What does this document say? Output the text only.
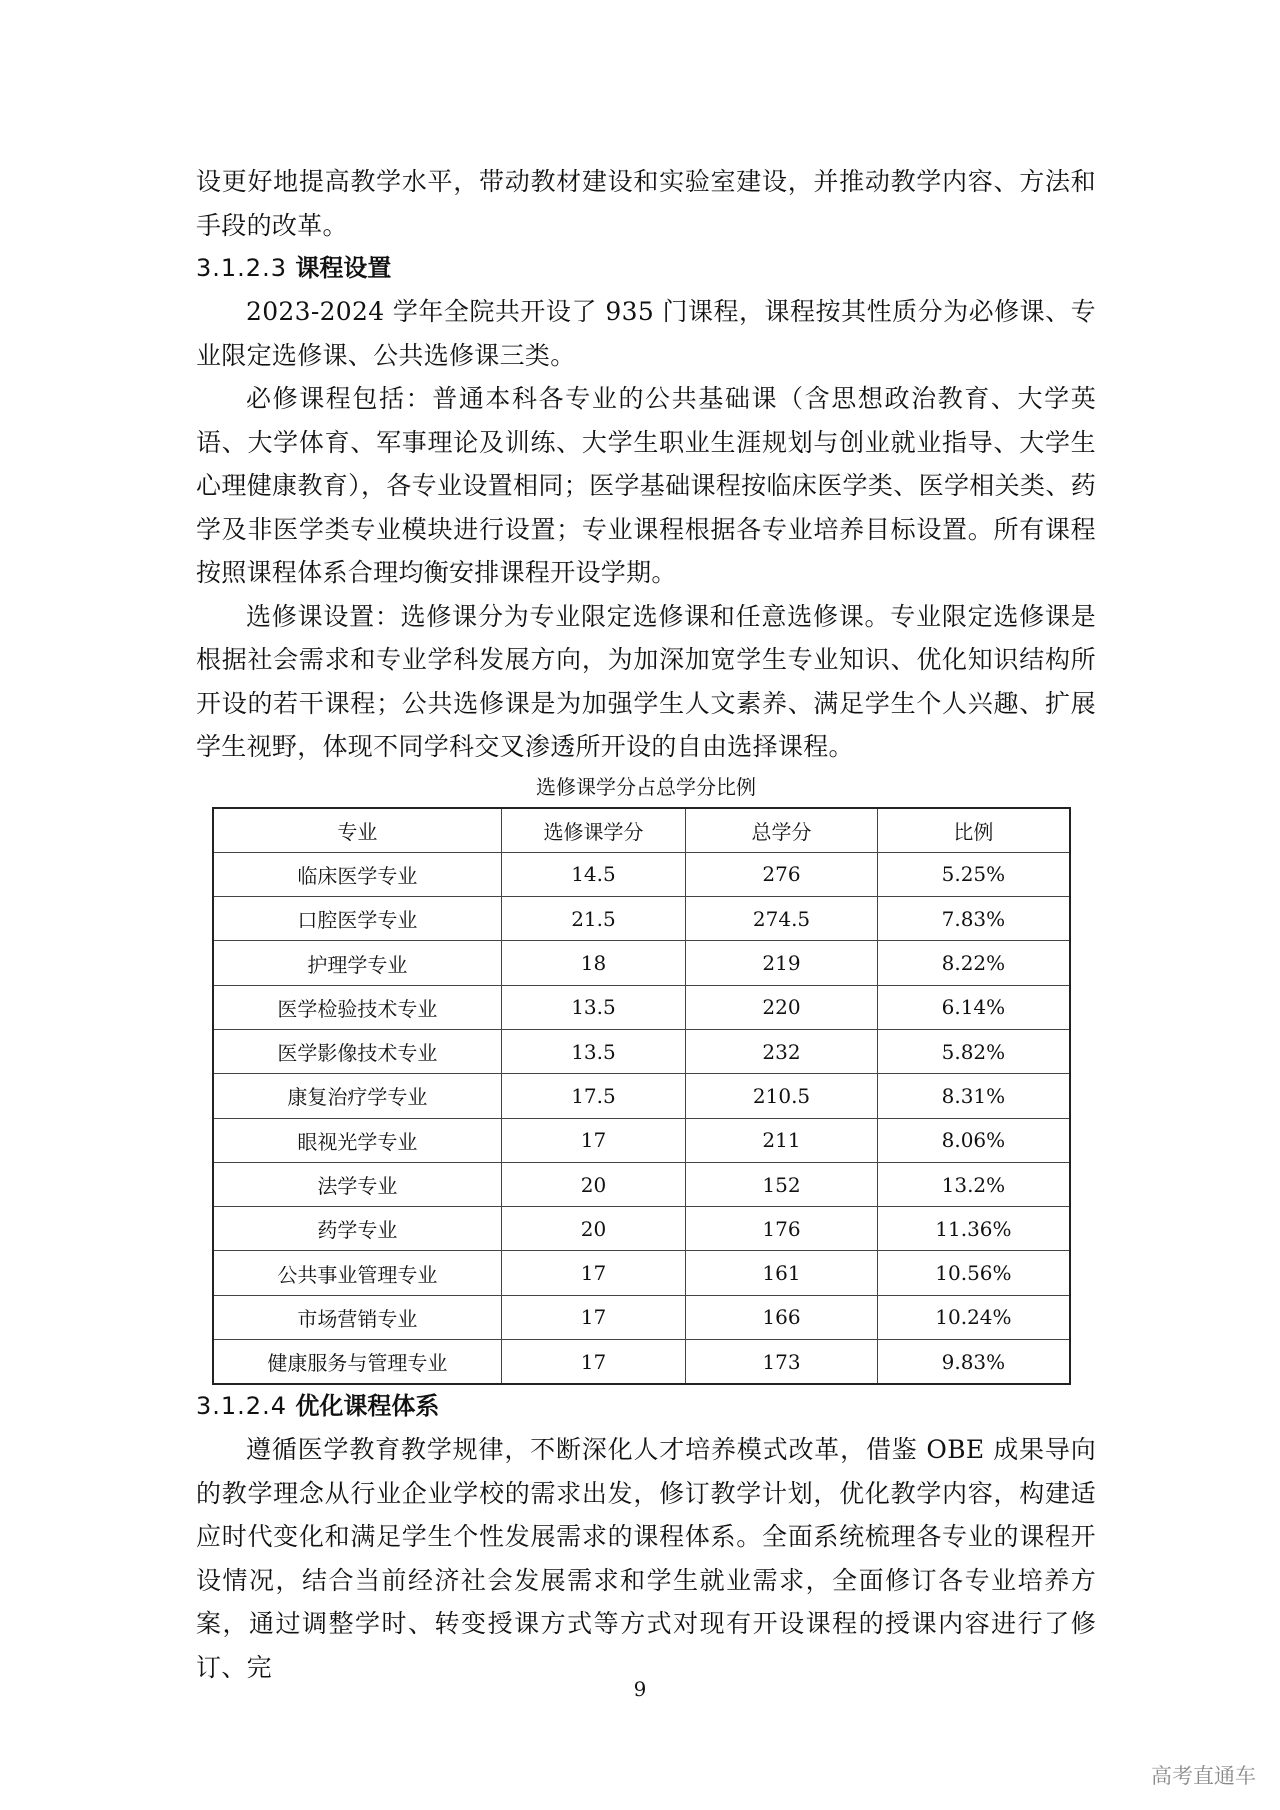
设更好地提高教学水平，带动教材建设和实验室建设，并推动教学内容、方法和手段的改革。

3.1.2.3 课程设置

2023-2024 学年全院共开设了 935 门课程，课程按其性质分为必修课、专业限定选修课、公共选修课三类。

必修课程包括：普通本科各专业的公共基础课（含思想政治教育、大学英语、大学体育、军事理论及训练、大学生职业生涯规划与创业就业指导、大学生心理健康教育），各专业设置相同；医学基础课程按临床医学类、医学相关类、药学及非医学类专业模块进行设置；专业课程根据各专业培养目标设置。所有课程按照课程体系合理均衡安排课程开设学期。

选修课设置：选修课分为专业限定选修课和任意选修课。专业限定选修课是根据社会需求和专业学科发展方向，为加深加宽学生专业知识、优化知识结构所开设的若干课程；公共选修课是为加强学生人文素养、满足学生个人兴趣、扩展学生视野，体现不同学科交叉渗透所开设的自由选择课程。

选修课学分占总学分比例
专业	选修课学分	总学分	比例
临床医学专业	14.5	276	5.25%
口腔医学专业	21.5	274.5	7.83%
护理学专业	18	219	8.22%
医学检验技术专业	13.5	220	6.14%
医学影像技术专业	13.5	232	5.82%
康复治疗学专业	17.5	210.5	8.31%
眼视光学专业	17	211	8.06%
法学专业	20	152	13.2%
药学专业	20	176	11.36%
公共事业管理专业	17	161	10.56%
市场营销专业	17	166	10.24%
健康服务与管理专业	17	173	9.83%
3.1.2.4 优化课程体系

遵循医学教育教学规律，不断深化人才培养模式改革，借鉴 OBE 成果导向的教学理念从行业企业学校的需求出发，修订教学计划，优化教学内容，构建适应时代变化和满足学生个性发展需求的课程体系。全面系统梳理各专业的课程开设情况，结合当前经济社会发展需求和学生就业需求，全面修订各专业培养方案，通过调整学时、转变授课方式等方式对现有开设课程的授课内容进行了修订、完

9
高考直通车
